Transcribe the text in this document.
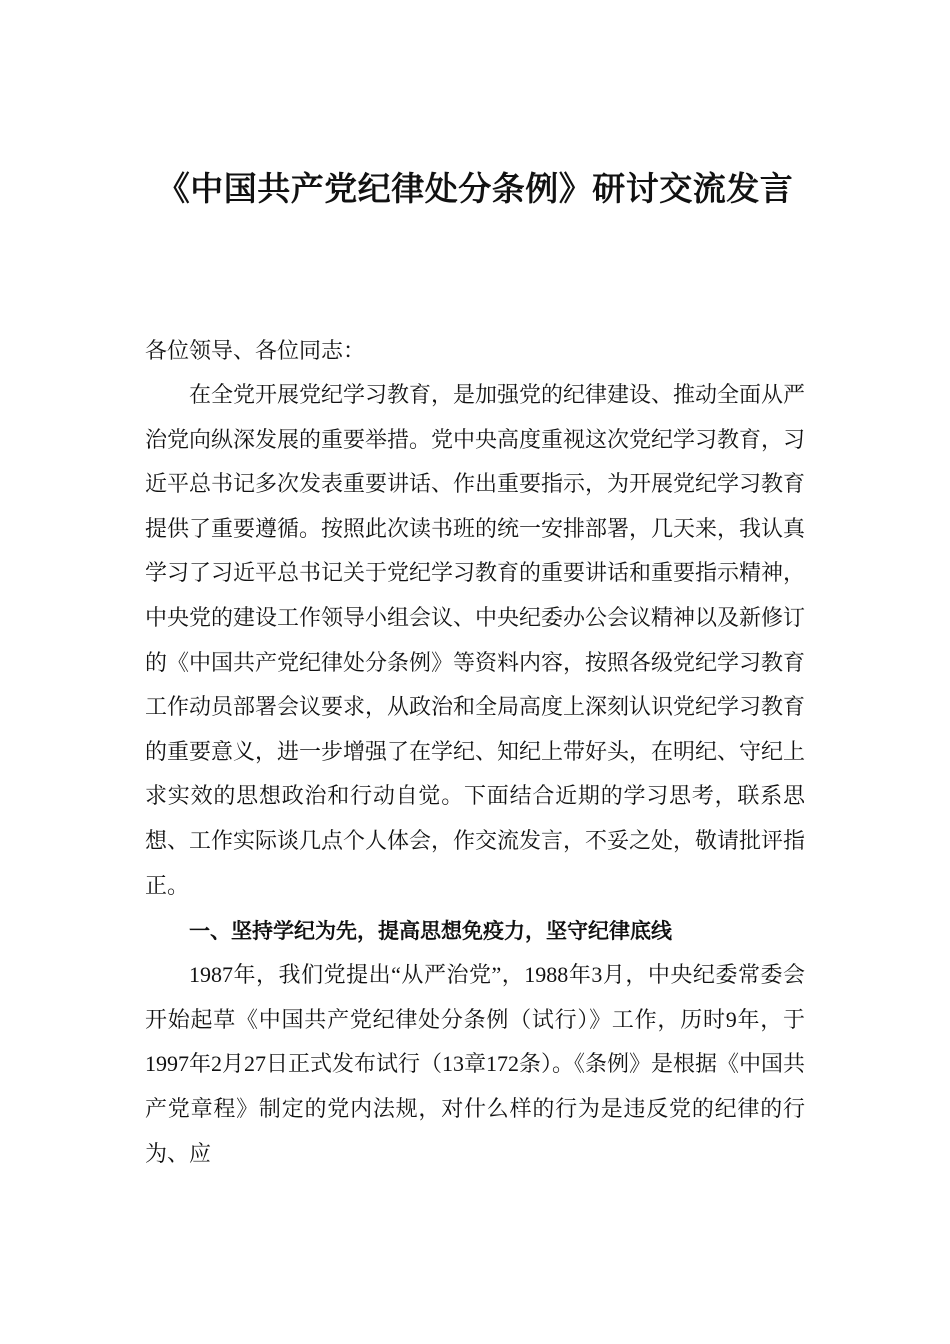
《中国共产党纪律处分条例》研讨交流发言

各位领导、各位同志：

在全党开展党纪学习教育，是加强党的纪律建设、推动全面从严治党向纵深发展的重要举措。党中央高度重视这次党纪学习教育，习近平总书记多次发表重要讲话、作出重要指示，为开展党纪学习教育提供了重要遵循。按照此次读书班的统一安排部署，几天来，我认真学习了习近平总书记关于党纪学习教育的重要讲话和重要指示精神，中央党的建设工作领导小组会议、中央纪委办公会议精神以及新修订的《中国共产党纪律处分条例》等资料内容，按照各级党纪学习教育工作动员部署会议要求，从政治和全局高度上深刻认识党纪学习教育的重要意义，进一步增强了在学纪、知纪上带好头，在明纪、守纪上求实效的思想政治和行动自觉。下面结合近期的学习思考，联系思想、工作实际谈几点个人体会，作交流发言，不妥之处，敬请批评指正。

一、坚持学纪为先，提高思想免疫力，坚守纪律底线

1987年，我们党提出“从严治党”，1988年3月，中央纪委常委会开始起草《中国共产党纪律处分条例（试行）》工作，历时9年，于1997年2月27日正式发布试行（13章172条）。《条例》是根据《中国共产党章程》制定的党内法规，对什么样的行为是违反党的纪律的行为、应
